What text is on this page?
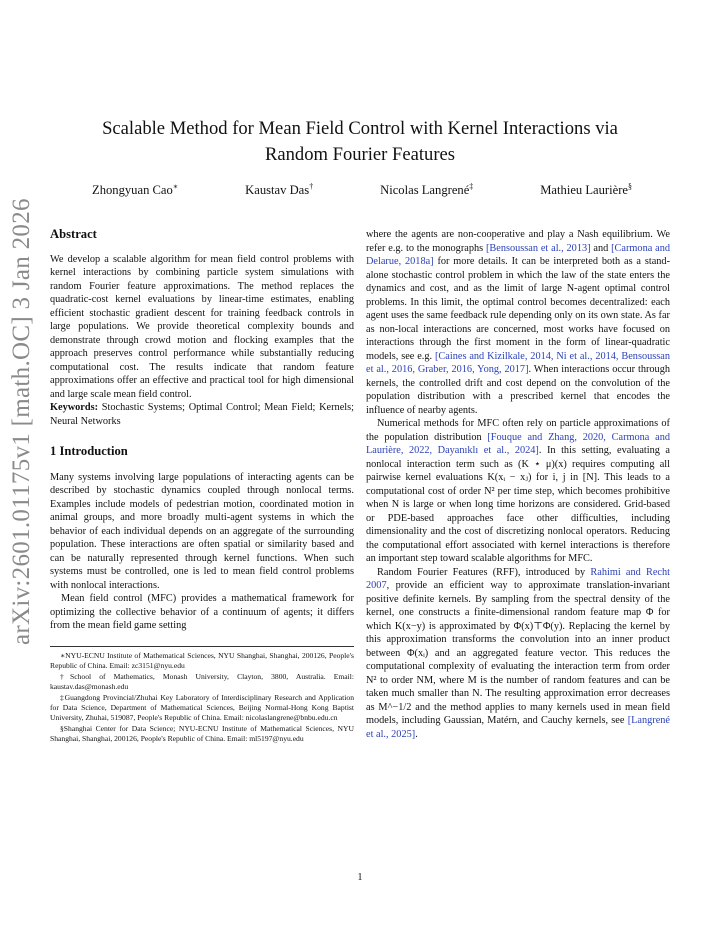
arXiv:2601.01175v1 [math.OC] 3 Jan 2026
Scalable Method for Mean Field Control with Kernel Interactions via
Random Fourier Features
Zhongyuan Cao∗	Kaustav Das†	Nicolas Langrené‡	Mathieu Laurière§
Abstract

We develop a scalable algorithm for mean field control problems with kernel interactions by combining particle system simulations with random Fourier feature approximations. The method replaces the quadratic-cost kernel evaluations by linear-time estimates, enabling efficient stochastic gradient descent for training feedback controls in large populations. We provide theoretical complexity bounds and demonstrate through crowd motion and flocking examples that the approach preserves control performance while substantially reducing computational cost. The results indicate that random feature approximations offer an effective and practical tool for high dimensional and large scale mean field control.

Keywords: Stochastic Systems; Optimal Control; Mean Field; Kernels; Neural Networks

1 Introduction

Many systems involving large populations of interacting agents can be described by stochastic dynamics coupled through nonlocal terms. Examples include models of pedestrian motion, coordinated motion in animal groups, and more broadly multi-agent systems in which the behavior of each individual depends on an aggregate of the surrounding population. These interactions are often spatial or similarity based and can be naturally represented through kernel functions. When such systems must be controlled, one is led to mean field control problems with nonlocal interactions.

Mean field control (MFC) provides a mathematical framework for optimizing the collective behavior of a continuum of agents; it differs from the mean field game setting

∗NYU-ECNU Institute of Mathematical Sciences, NYU Shanghai, Shanghai, 200126, People's Republic of China. Email: zc3151@nyu.edu

†School of Mathematics, Monash University, Clayton, 3800, Australia. Email: kaustav.das@monash.edu

‡Guangdong Provincial/Zhuhai Key Laboratory of Interdisciplinary Research and Application for Data Science, Department of Mathematical Sciences, Beijing Normal-Hong Kong Baptist University, Zhuhai, 519087, People's Republic of China. Email: nicolaslangrene@bnbu.edu.cn

§Shanghai Center for Data Science; NYU-ECNU Institute of Mathematical Sciences, NYU Shanghai, Shanghai, 200126, People's Republic of China. Email: ml5197@nyu.edu

where the agents are non-cooperative and play a Nash equilibrium. We refer e.g. to the monographs [Bensoussan et al., 2013] and [Carmona and Delarue, 2018a] for more details. It can be interpreted both as a stand-alone stochastic control problem in which the law of the state enters the dynamics and cost, and as the limit of large N-agent optimal control problems. In this limit, the optimal control becomes decentralized: each agent uses the same feedback rule depending only on its own state. As far as non-local interactions are concerned, most works have focused on interactions through the first moment in the form of linear-quadratic models, see e.g. [Caines and Kizilkale, 2014, Ni et al., 2014, Bensoussan et al., 2016, Graber, 2016, Yong, 2017]. When interactions occur through kernels, the controlled drift and cost depend on the convolution of the population distribution with a prescribed kernel that encodes the influence of nearby agents.

Numerical methods for MFC often rely on particle approximations of the population distribution [Fouque and Zhang, 2020, Carmona and Laurière, 2022, Dayanıklı et al., 2024]. In this setting, evaluating a nonlocal interaction term such as (K ⋆ μ)(x) requires computing all pairwise kernel evaluations K(xᵢ − xⱼ) for i, j in [N]. This leads to a computational cost of order N² per time step, which becomes prohibitive when N is large or when long time horizons are considered. Grid-based or PDE-based approaches face other difficulties, including dimensionality and the cost of discretizing nonlocal operators. Reducing the computational effort associated with kernel interactions is therefore an important step toward scalable algorithms for MFC.

Random Fourier Features (RFF), introduced by Rahimi and Recht 2007, provide an efficient way to approximate translation-invariant positive definite kernels. By sampling from the spectral density of the kernel, one constructs a finite-dimensional random feature map Φ for which K(x−y) is approximated by Φ(x)⊤Φ(y). Replacing the kernel by this approximation transforms the convolution into an inner product between Φ(xᵢ) and an aggregated feature vector. This reduces the computational complexity of evaluating the interaction term from order N² to order NM, where M is the number of random features and can be taken much smaller than N. The resulting approximation error decreases as M^−1/2 and the method applies to many kernels used in mean field models, including Gaussian, Matérn, and Cauchy kernels, see [Langrené et al., 2025].

1
